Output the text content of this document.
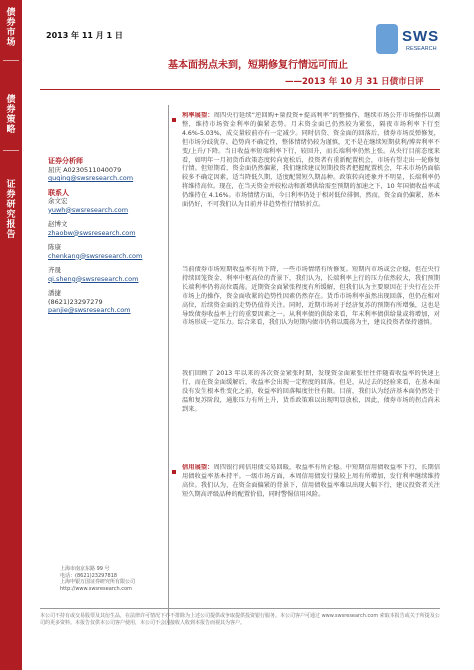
债券市场
债券策略
证券研究报告
2013 年 11 月 1 日	SWS
RESEARCH
基本面拐点未到，短期修复行情远可而止
——2013 年 10 月 31 日债市日评
证券分析师
屈庆 A0230511040079
quqing@swsresearch.com
联系人
余文宏
yuwh@swsresearch.com
赵博文
zhaobw@swsresearch.com
陈康
chenkang@swsresearch.com
齐晟
qi.sheng@swsresearch.com
潘捷
(8621)23297279
panjie@swsresearch.com
利率展望：周四央行延续“逆回购+量投资+提高利率”的整操作，继续市场公开市场操作以调整，维持市场资金利率的偏紧态势。月末资金面已仍然较为紧张，隔夜市场利率下行至 4.6%-5.03%，成交量较前亦有一定减少。同时信贷、资金面的回落后，债券市场反弹修复，但市场分歧犹存、趋势尚不确定性，整体情绪仍较为谨慎，无不是在继续短期获利/博弈利率不变/上升/下降。当日收益率短端利率下行，较回升，而长端利率仍然上张。从央行目前态度来看，如明年一月初货币政策态度转向宽松后，投资者有重新配置机会，市场有望走出一轮修复行情。但短期看，资金面仍然偏紧，我们继续建议短期投资者把握配置机会，年末市场仍面临较多不确定因素，适当降低久期，适度配置短久期品种。政策转向迹象并不明显，长端利率仍将维持高位。现在，在当天资金并较松动和新增供给需至预期的加速之下，10 年国债收益率或仍维持在 4.16%。市场情绪方面，今日利率仍处于相对低位徘徊，然而，资金面仍偏紧，基本面仍好，不可我们认为目前并非趋势性行情转折点。
当前债券市场短期收益率有所下降，一些市场情绪有所修复。短期内市场或会企稳，但在央行持续回笼资金、利率中枢高位的背景下，我们认为，长端利率上行的压力依然较大，我们预期长端利率仍将高位震荡。近期资金面紧张程度有所缓解，但我们认为主要原因在于央行在公开市场上的操作，资金面收紧的趋势性因素仍然存在。货币市场利率虽然出现回落，但仍在相对高位，后续资金面的走势仍值得关注。同时，近期市场对于经济复苏的预期有所增强，这也是导致债券收益率上行的重要因素之一。从利率债的供给来看，年末利率债供给量或将增加，对市场形成一定压力。综合来看，我们认为短期内债市仍将以震荡为主，建议投资者保持谨慎。
我们回顾了 2013 年以来的各次资金紧张时期，发现资金面紧张往往伴随着收益率的快速上行，而在资金面缓解后，收益率会出现一定程度的回落。但是，从过去的经验来看，在基本面没有发生根本性变化之前，收益率的回落幅度往往有限。目前，我们认为经济基本面仍然处于温和复苏阶段，通胀压力有所上升，货币政策难以出现明显放松，因此，债券市场的拐点尚未到来。
信用展望：周四银行间信用债交易回暖，收益率有所企稳。中短期信用债收益率下行，长期信用债收益率基本持平。一级市场方面，本周信用债发行量较上周有所增加，发行利率继续维持高位。我们认为，在资金面偏紧的背景下，信用债收益率难以出现大幅下行，建议投资者关注短久期高评级品种的配置价值，同时警惕信用风险。
上海市南京东路 99 号
电话：(8621)23297818
上海申银万国证券研究所有限公司
http://www.swsresearch.com
本公司不持有或交易股票及其衍生品，在法律许可情况下亦不排除为上述公司提供或争取提供投资银行服务。本公司客户可通过 www.swsresearch.com 索取本报告或关于所提及公司的更多资料。本报告仅供本公司客户使用，本公司不会因接收人收到本报告而视其为客户。
